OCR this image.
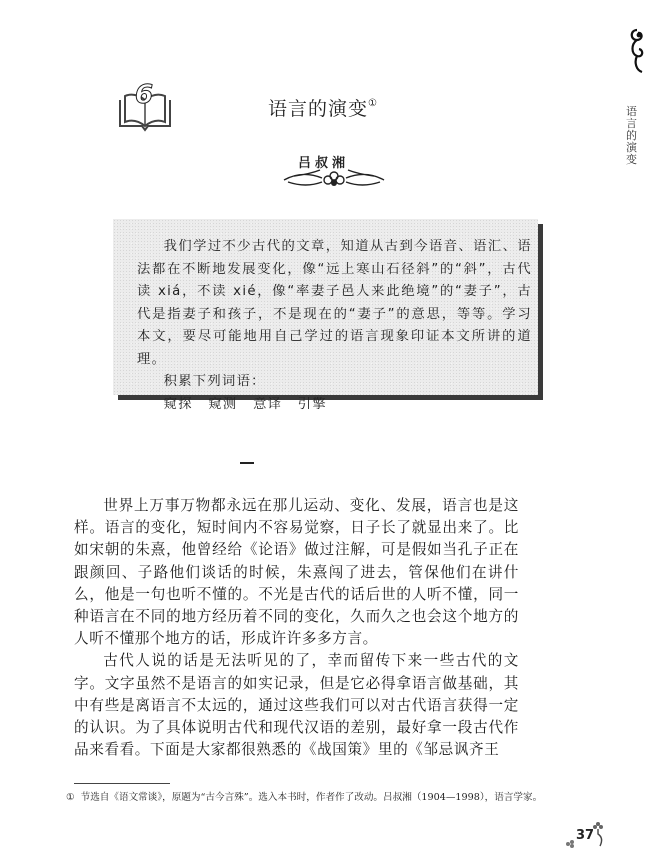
语言的演变
6	语言的演变①
吕叔湘

我们学过不少古代的文章，知道从古到今语音、语汇、语法都在不断地发展变化，像“远上寒山石径斜”的“斜”，古代读 xiá，不读 xié，像“率妻子邑人来此绝境”的“妻子”，古代是指妻子和孩子，不是现在的“妻子”的意思，等等。学习本文，要尽可能地用自己学过的语言现象印证本文所讲的道理。

积累下列词语：

窥探 窥测 意译 引擎

世界上万事万物都永远在那儿运动、变化、发展，语言也是这样。语言的变化，短时间内不容易觉察，日子长了就显出来了。比如宋朝的朱熹，他曾经给《论语》做过注解，可是假如当孔子正在跟颜回、子路他们谈话的时候，朱熹闯了进去，管保他们在讲什么，他是一句也听不懂的。不光是古代的话后世的人听不懂，同一种语言在不同的地方经历着不同的变化，久而久之也会这个地方的人听不懂那个地方的话，形成许许多多方言。

古代人说的话是无法听见的了，幸而留传下来一些古代的文字。文字虽然不是语言的如实记录，但是它必得拿语言做基础，其中有些是离语言不太远的，通过这些我们可以对古代语言获得一定的认识。为了具体说明古代和现代汉语的差别，最好拿一段古代作品来看看。下面是大家都很熟悉的《战国策》里的《邹忌讽齐王

① 节选自《语文常谈》，原题为“古今言殊”。选入本书时，作者作了改动。吕叔湘（1904—1998），语言学家。
37
